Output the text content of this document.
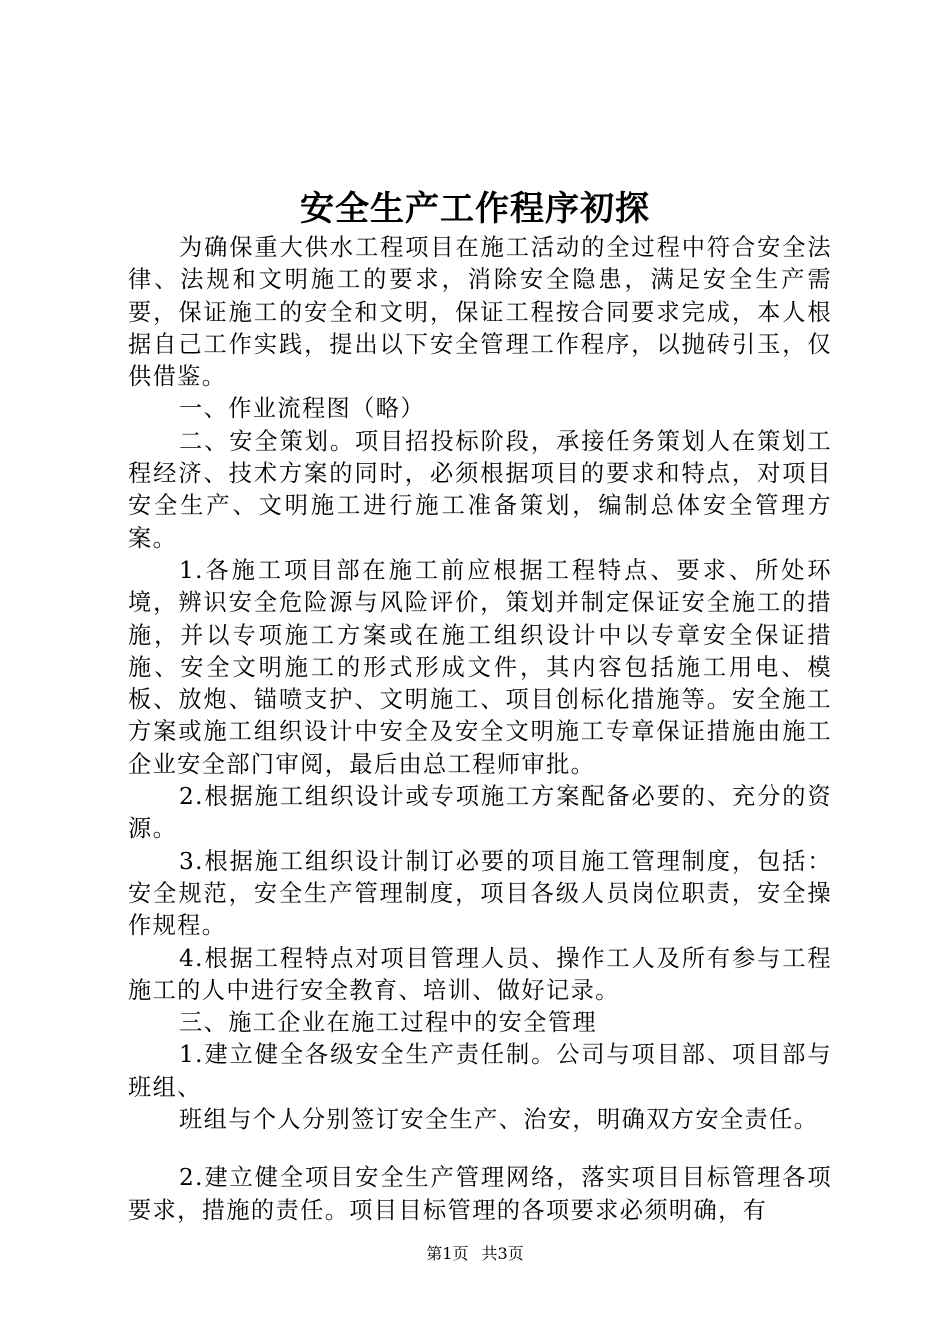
安全生产工作程序初探

为确保重大供水工程项目在施工活动的全过程中符合安全法律、法规和文明施工的要求，消除安全隐患，满足安全生产需要，保证施工的安全和文明，保证工程按合同要求完成，本人根据自己工作实践，提出以下安全管理工作程序，以抛砖引玉，仅供借鉴。

一、作业流程图（略）

二、安全策划。项目招投标阶段，承接任务策划人在策划工程经济、技术方案的同时，必须根据项目的要求和特点，对项目安全生产、文明施工进行施工准备策划，编制总体安全管理方案。

1.各施工项目部在施工前应根据工程特点、要求、所处环境，辨识安全危险源与风险评价，策划并制定保证安全施工的措施，并以专项施工方案或在施工组织设计中以专章安全保证措施、安全文明施工的形式形成文件，其内容包括施工用电、模板、放炮、锚喷支护、文明施工、项目创标化措施等。安全施工方案或施工组织设计中安全及安全文明施工专章保证措施由施工企业安全部门审阅，最后由总工程师审批。

2.根据施工组织设计或专项施工方案配备必要的、充分的资源。

3.根据施工组织设计制订必要的项目施工管理制度，包括：安全规范，安全生产管理制度，项目各级人员岗位职责，安全操作规程。

4.根据工程特点对项目管理人员、操作工人及所有参与工程施工的人中进行安全教育、培训、做好记录。

三、施工企业在施工过程中的安全管理

1.建立健全各级安全生产责任制。公司与项目部、项目部与班组、

班组与个人分别签订安全生产、治安，明确双方安全责任。

2.建立健全项目安全生产管理网络，落实项目目标管理各项要求，措施的责任。项目目标管理的各项要求必须明确，有

第1页 共3页
